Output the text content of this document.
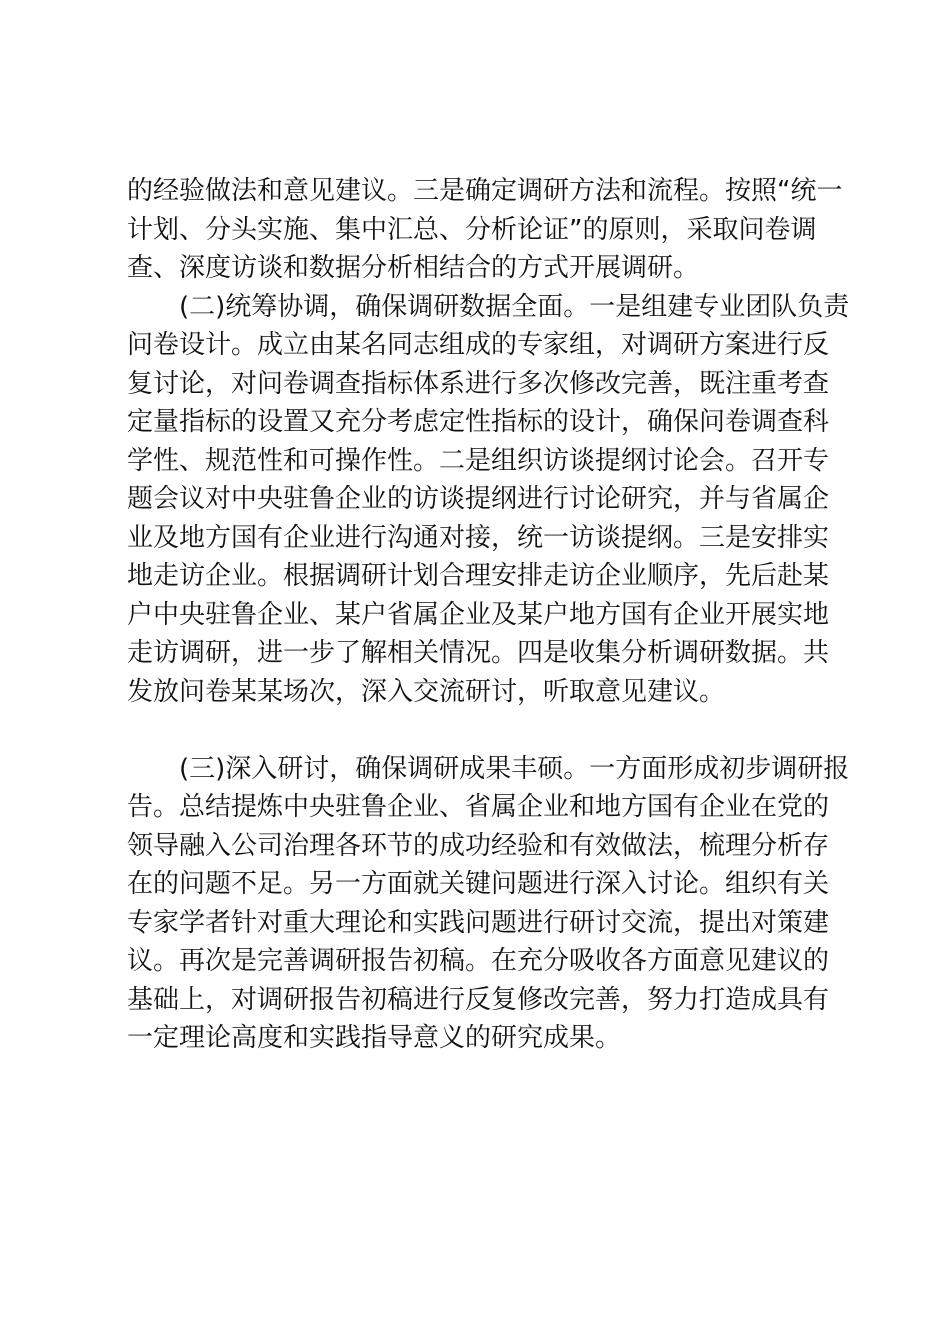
的经验做法和意见建议。三是确定调研方法和流程。按照“统一
计划、分头实施、集中汇总、分析论证”的原则，采取问卷调
查、深度访谈和数据分析相结合的方式开展调研。
(二)统筹协调，确保调研数据全面。一是组建专业团队负责
问卷设计。成立由某名同志组成的专家组，对调研方案进行反
复讨论，对问卷调查指标体系进行多次修改完善，既注重考查
定量指标的设置又充分考虑定性指标的设计，确保问卷调查科
学性、规范性和可操作性。二是组织访谈提纲讨论会。召开专
题会议对中央驻鲁企业的访谈提纲进行讨论研究，并与省属企
业及地方国有企业进行沟通对接，统一访谈提纲。三是安排实
地走访企业。根据调研计划合理安排走访企业顺序，先后赴某
户中央驻鲁企业、某户省属企业及某户地方国有企业开展实地
走访调研，进一步了解相关情况。四是收集分析调研数据。共
发放问卷某某场次，深入交流研讨，听取意见建议。
(三)深入研讨，确保调研成果丰硕。一方面形成初步调研报
告。总结提炼中央驻鲁企业、省属企业和地方国有企业在党的
领导融入公司治理各环节的成功经验和有效做法，梳理分析存
在的问题不足。另一方面就关键问题进行深入讨论。组织有关
专家学者针对重大理论和实践问题进行研讨交流，提出对策建
议。再次是完善调研报告初稿。在充分吸收各方面意见建议的
基础上，对调研报告初稿进行反复修改完善，努力打造成具有
一定理论高度和实践指导意义的研究成果。
